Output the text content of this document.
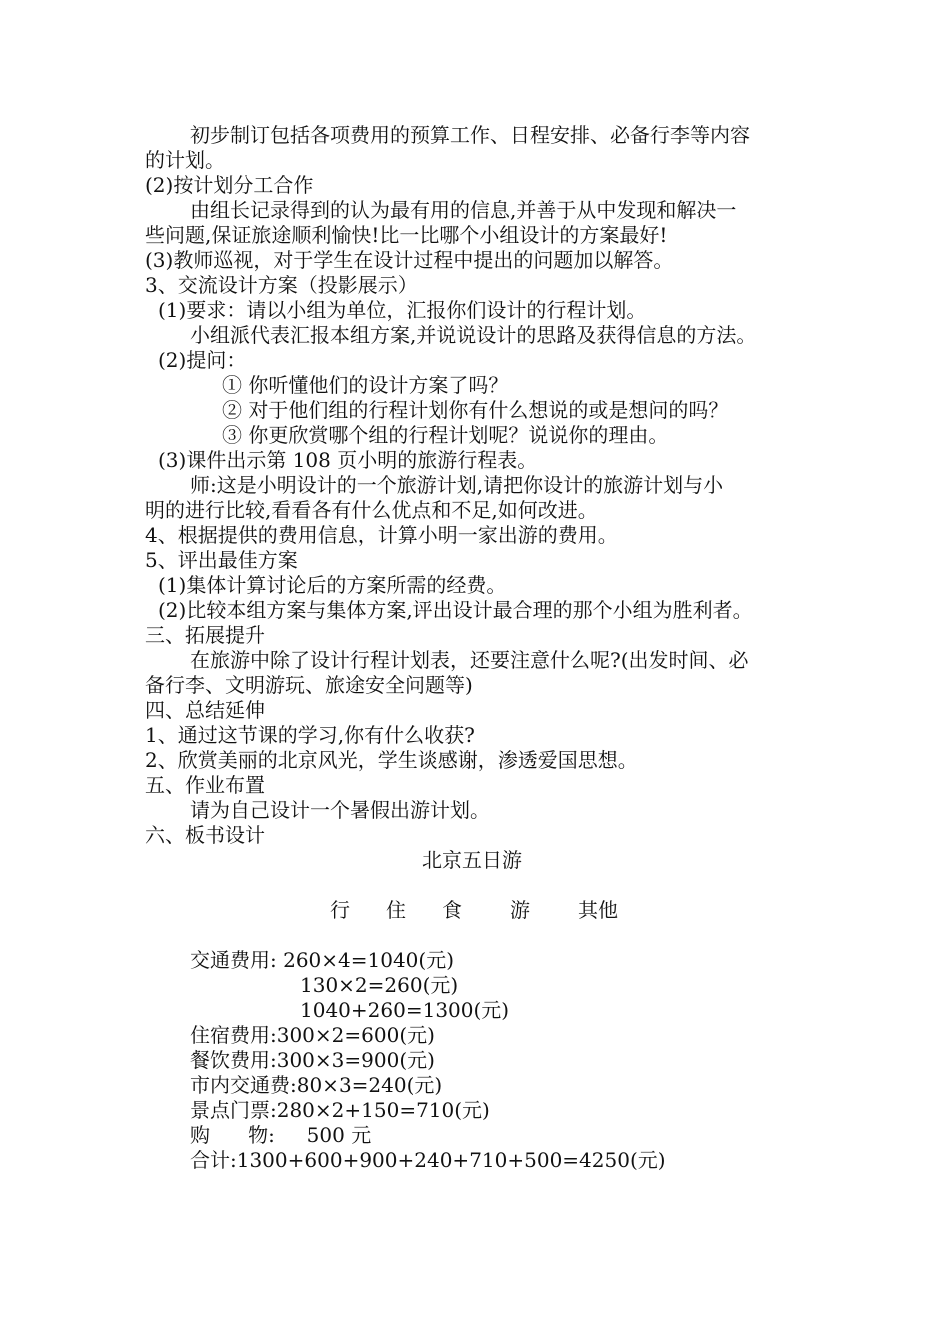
初步制订包括各项费用的预算工作、日程安排、必备行李等内容
的计划。
(2)按计划分工合作
由组长记录得到的认为最有用的信息,并善于从中发现和解决一
些问题,保证旅途顺利愉快!比一比哪个小组设计的方案最好!
(3)教师巡视，对于学生在设计过程中提出的问题加以解答。
3、交流设计方案（投影展示）
(1)要求：请以小组为单位，汇报你们设计的行程计划。
小组派代表汇报本组方案,并说说设计的思路及获得信息的方法。
(2)提问：
① 你听懂他们的设计方案了吗？
② 对于他们组的行程计划你有什么想说的或是想问的吗？
③ 你更欣赏哪个组的行程计划呢？说说你的理由。
(3)课件出示第 108 页小明的旅游行程表。
师:这是小明设计的一个旅游计划,请把你设计的旅游计划与小
明的进行比较,看看各有什么优点和不足,如何改进。
4、根据提供的费用信息，计算小明一家出游的费用。
5、评出最佳方案
(1)集体计算讨论后的方案所需的经费。
(2)比较本组方案与集体方案,评出设计最合理的那个小组为胜利者。
三、拓展提升
在旅游中除了设计行程计划表，还要注意什么呢?(出发时间、必
备行李、文明游玩、旅途安全问题等)
四、总结延伸
1、通过这节课的学习,你有什么收获?
2、欣赏美丽的北京风光，学生谈感谢，渗透爱国思想。
五、作业布置
请为自己设计一个暑假出游计划。
六、板书设计
北京五日游
行 住 食 游 其他
交通费用: 260×4=1040(元)
130×2=260(元)
1040+260=1300(元)
住宿费用:300×2=600(元)
餐饮费用:300×3=900(元)
市内交通费:80×3=240(元)
景点门票:280×2+150=710(元)
购      物:     500 元
合计:1300+600+900+240+710+500=4250(元)
